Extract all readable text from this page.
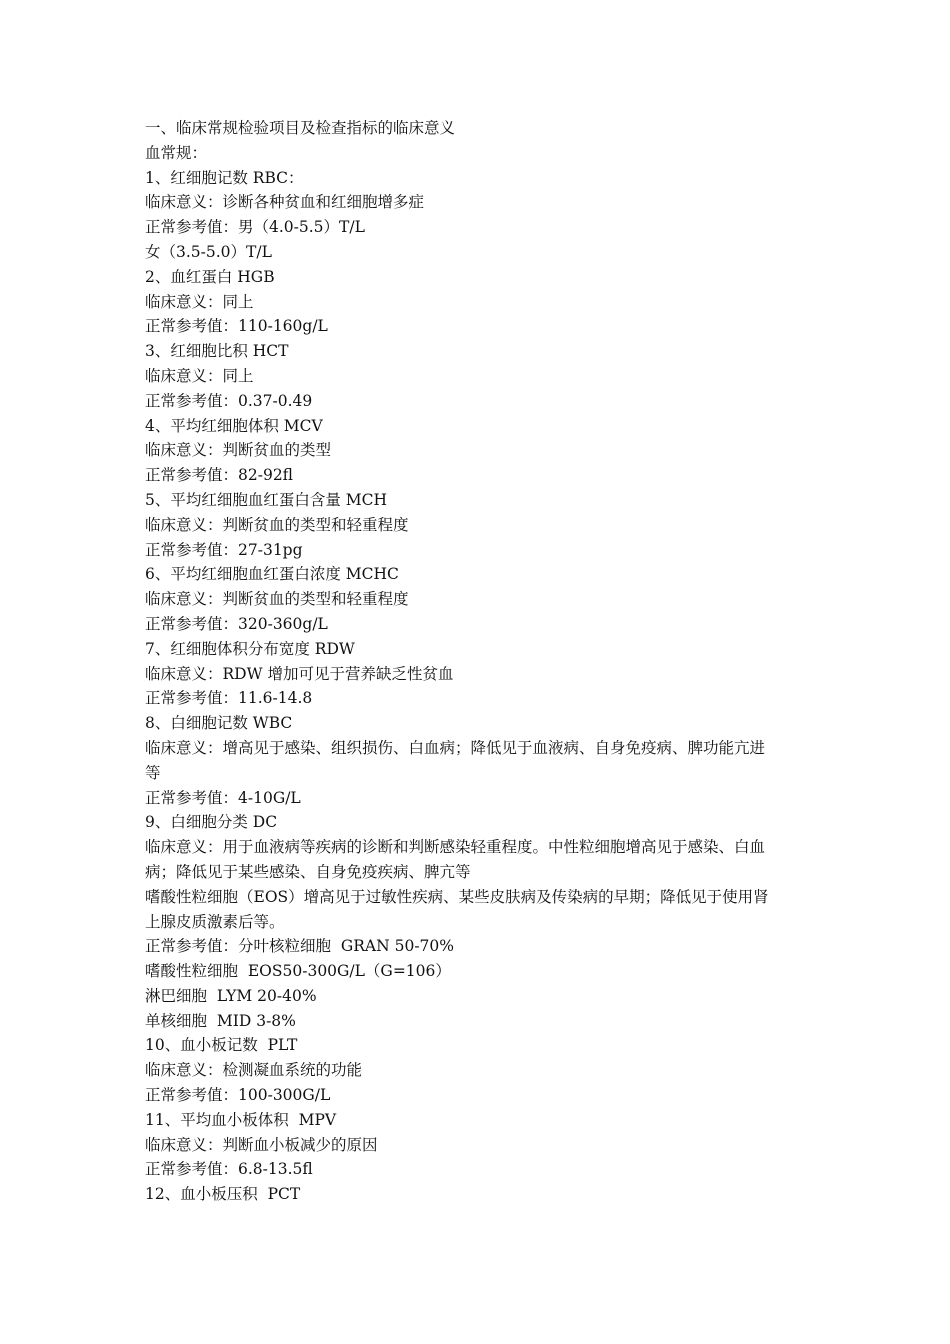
一、临床常规检验项目及检查指标的临床意义
血常规：
1、红细胞记数 RBC：
临床意义：诊断各种贫血和红细胞增多症
正常参考值：男（4.0-5.5）T/L
女（3.5-5.0）T/L
2、血红蛋白 HGB
临床意义：同上
正常参考值：110-160g/L
3、红细胞比积 HCT
临床意义：同上
正常参考值：0.37-0.49
4、平均红细胞体积 MCV
临床意义：判断贫血的类型
正常参考值：82-92fl
5、平均红细胞血红蛋白含量 MCH
临床意义：判断贫血的类型和轻重程度
正常参考值：27-31pg
6、平均红细胞血红蛋白浓度 MCHC
临床意义：判断贫血的类型和轻重程度
正常参考值：320-360g/L
7、红细胞体积分布宽度 RDW
临床意义：RDW 增加可见于营养缺乏性贫血
正常参考值：11.6-14.8
8、白细胞记数 WBC
临床意义：增高见于感染、组织损伤、白血病；降低见于血液病、自身免疫病、脾功能亢进
等
正常参考值：4-10G/L
9、白细胞分类 DC
临床意义：用于血液病等疾病的诊断和判断感染轻重程度。中性粒细胞增高见于感染、白血
病；降低见于某些感染、自身免疫疾病、脾亢等
嗜酸性粒细胞（EOS）增高见于过敏性疾病、某些皮肤病及传染病的早期；降低见于使用肾
上腺皮质激素后等。
正常参考值：分叶核粒细胞  GRAN 50-70%
嗜酸性粒细胞  EOS50-300G/L（G=106）
淋巴细胞  LYM 20-40%
单核细胞  MID 3-8%
10、血小板记数  PLT
临床意义：检测凝血系统的功能
正常参考值：100-300G/L
11、平均血小板体积  MPV
临床意义：判断血小板减少的原因
正常参考值：6.8-13.5fl
12、血小板压积  PCT
